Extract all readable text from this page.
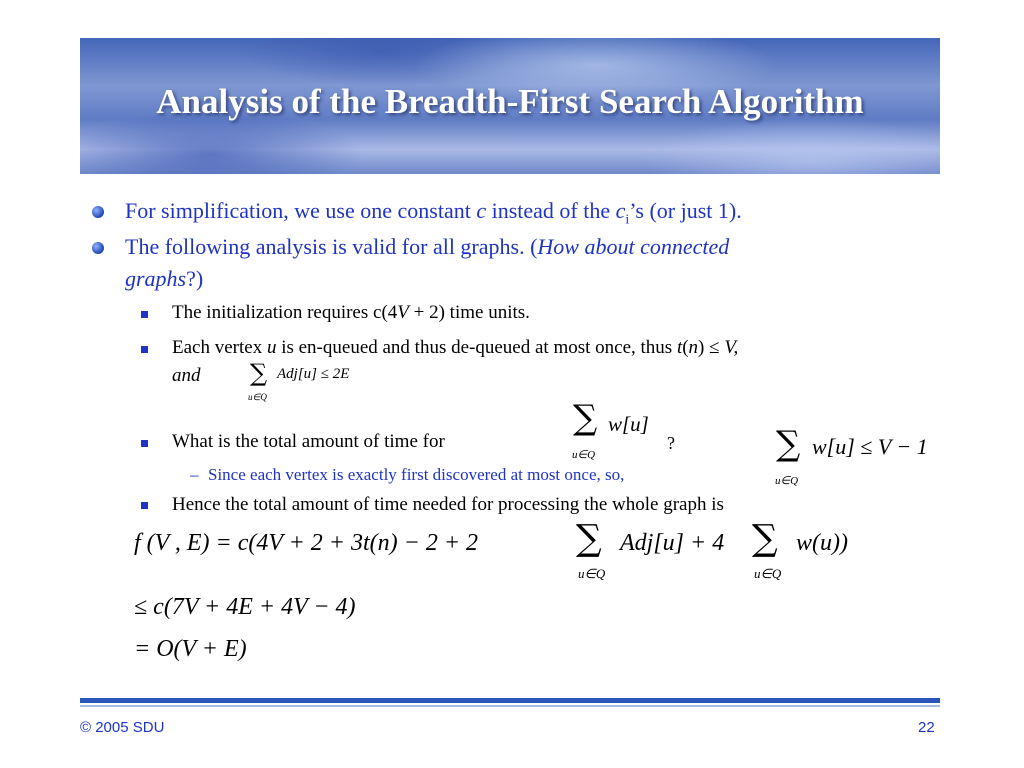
Analysis of the Breadth-First Search Algorithm
For simplification, we use one constant c instead of the $c_i’s$ (or just 1).
The following analysis is valid for all graphs. (How about connected
graphs?)
The initialization requires c(4V + 2) time units.
Each vertex u is en-queued and thus de-queued at most once, thus t(n) ≤ V,
and ∑ Adj[u] ≤ 2E
u∈Q
What is the total amount of time for
∑ w[u]
u∈Q
?	∑ w[u] ≤ V − 1
u∈Q
– Since each vertex is exactly first discovered at most once, so,
Hence the total amount of time needed for processing the whole graph is
f (V , E) = c(4V + 2 + 3t(n) − 2 + 2	∑
u∈Q
Adj[u] + 4 ∑
u∈Q
w(u))
≤ c(7V + 4E + 4V − 4)
= O(V + E)
© 2005 SDU	22
